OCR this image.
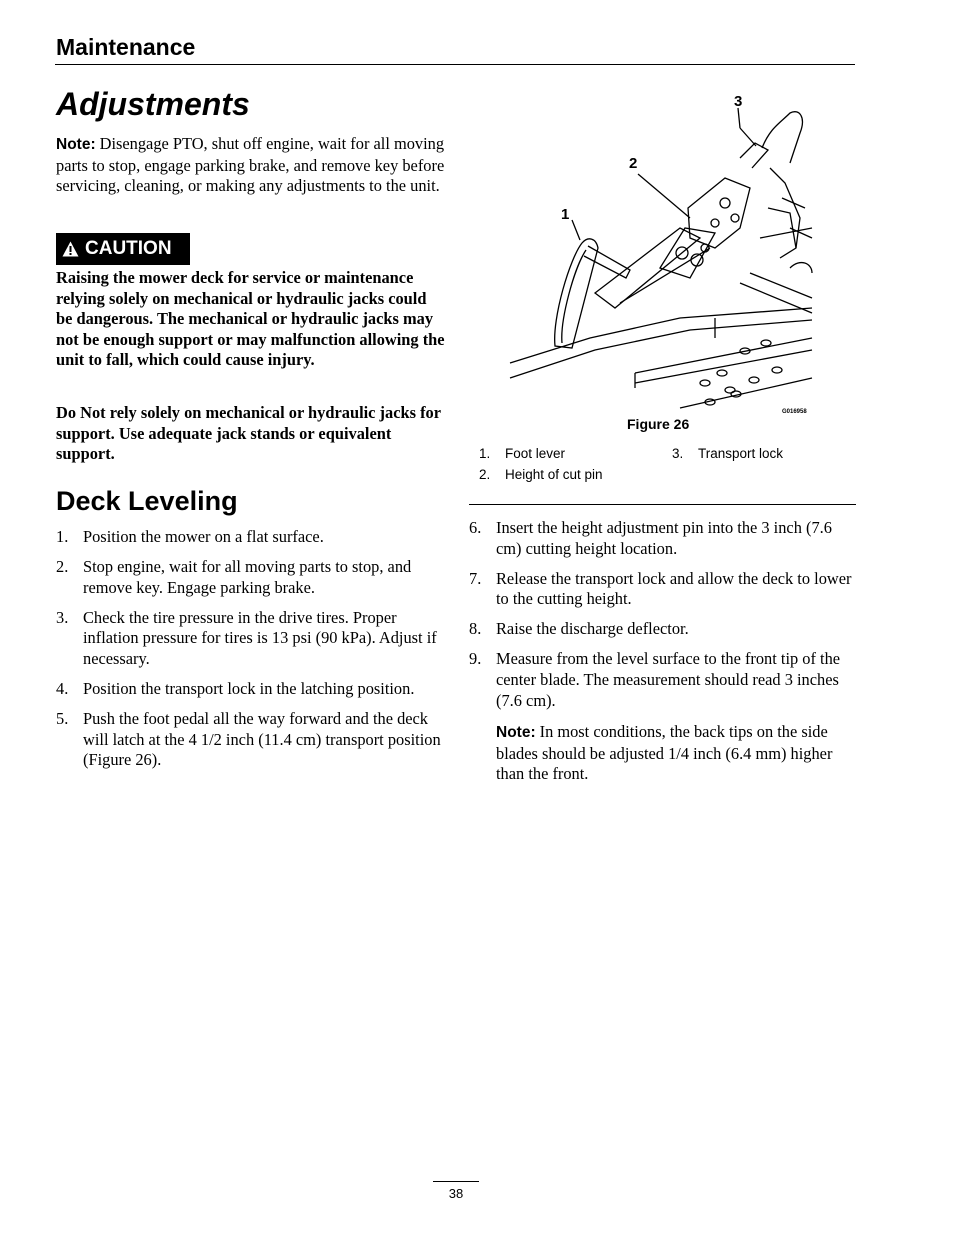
Maintenance
Adjustments

Note: Disengage PTO, shut off engine, wait for all moving parts to stop, engage parking brake, and remove key before servicing, cleaning, or making any adjustments to the unit.

CAUTION

Raising the mower deck for service or maintenance relying solely on mechanical or hydraulic jacks could be dangerous. The mechanical or hydraulic jacks may not be enough support or may malfunction allowing the unit to fall, which could cause injury.

Do Not rely solely on mechanical or hydraulic jacks for support. Use adequate jack stands or equivalent support.

Deck Leveling
1. Position the mower on a flat surface.
2. Stop engine, wait for all moving parts to stop, and remove key. Engage parking brake.
3. Check the tire pressure in the drive tires. Proper inflation pressure for tires is 13 psi (90 kPa). Adjust if necessary.
4. Position the transport lock in the latching position.
5. Push the foot pedal all the way forward and the deck will latch at the 4 1/2 inch (11.4 cm) transport position (Figure 26).
1
2
3
G016958
Figure 26
1. Foot lever
2. Height of cut pin
3. Transport lock
6. Insert the height adjustment pin into the 3 inch (7.6 cm) cutting height location.
7. Release the transport lock and allow the deck to lower to the cutting height.
8. Raise the discharge deflector.
9. Measure from the level surface to the front tip of the center blade. The measurement should read 3 inches (7.6 cm).

Note: In most conditions, the back tips on the side blades should be adjusted 1/4 inch (6.4 mm) higher than the front.

38
